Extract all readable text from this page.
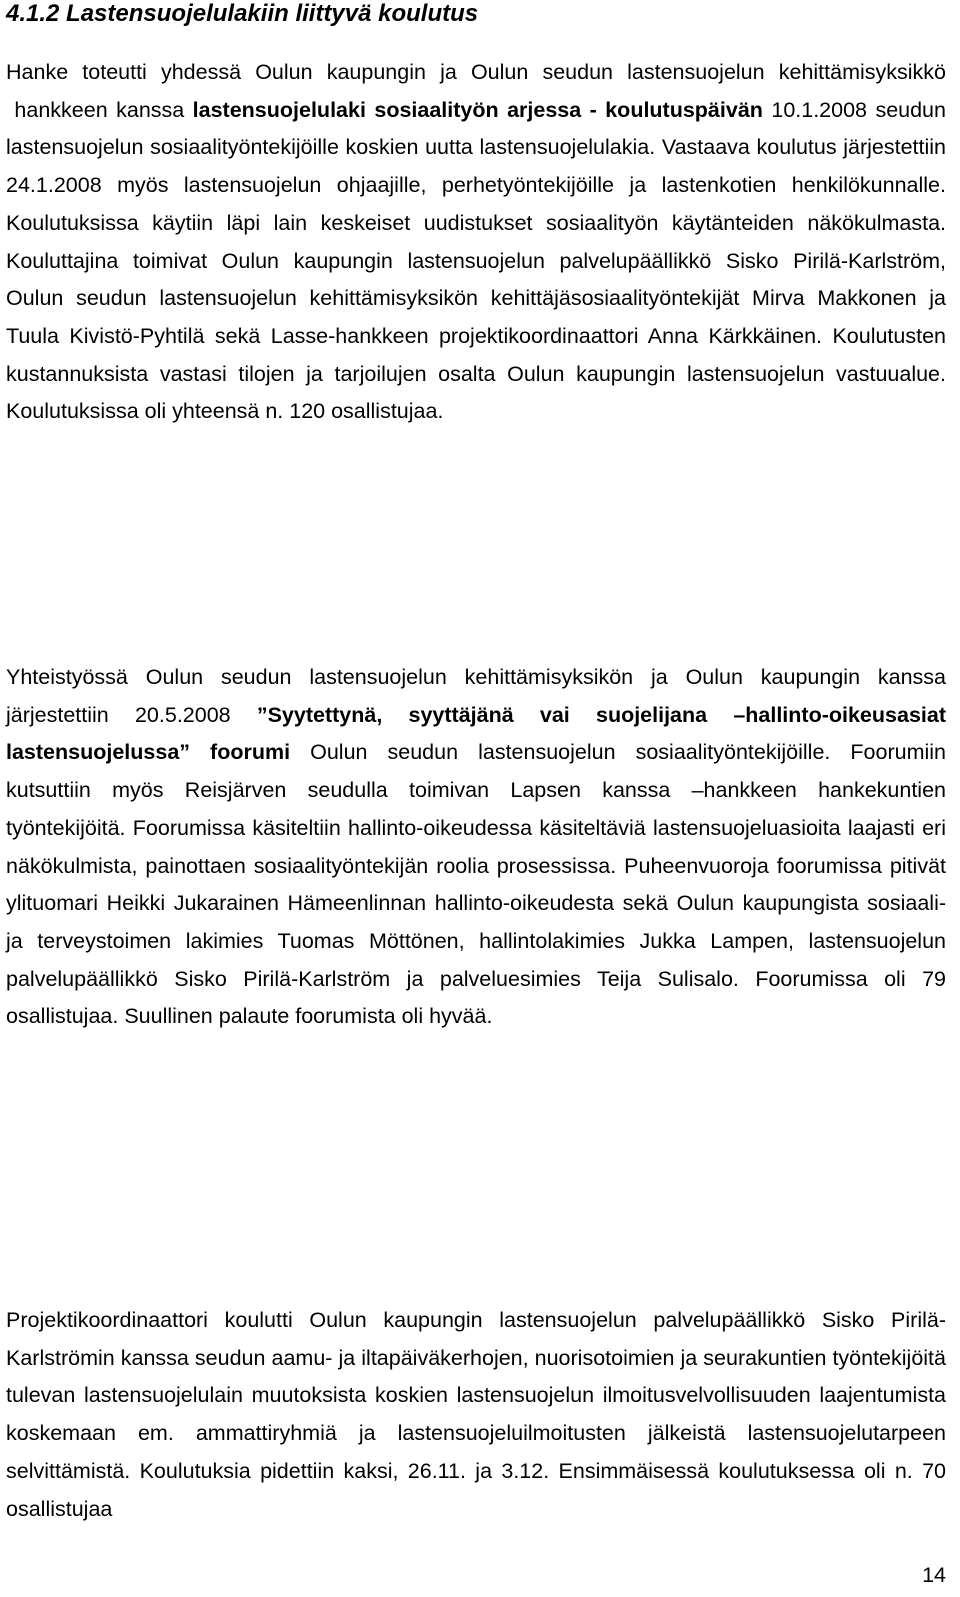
4.1.2 Lastensuojelulakiin liittyvä koulutus

Hanke toteutti yhdessä Oulun kaupungin ja Oulun seudun lastensuojelun kehittämisyksikkö  hankkeen kanssa lastensuojelulaki sosiaalityön arjessa - koulutuspäivän 10.1.2008 seudun lastensuojelun sosiaalityöntekijöille koskien uutta lastensuojelulakia. Vastaava koulutus järjestettiin 24.1.2008 myös lastensuojelun ohjaajille, perhetyöntekijöille ja lastenkotien henkilökunnalle. Koulutuksissa käytiin läpi lain keskeiset uudistukset sosiaalityön käytänteiden näkökulmasta. Kouluttajina toimivat Oulun kaupungin lastensuojelun palvelupäällikkö Sisko Pirilä-Karlström, Oulun seudun lastensuojelun kehittämisyksikön kehittäjäsosiaalityöntekijät Mirva Makkonen ja Tuula Kivistö-Pyhtilä sekä Lasse-hankkeen projektikoordinaattori Anna Kärkkäinen. Koulutusten kustannuksista vastasi tilojen ja tarjoilujen osalta Oulun kaupungin lastensuojelun vastuualue. Koulutuksissa oli yhteensä n. 120 osallistujaa.

Yhteistyössä Oulun seudun lastensuojelun kehittämisyksikön ja Oulun kaupungin kanssa järjestettiin 20.5.2008 ”Syytettynä, syyttäjänä vai suojelijana –hallinto-oikeusasiat lastensuojelussa” foorumi Oulun seudun lastensuojelun sosiaalityöntekijöille. Foorumiin kutsuttiin myös Reisjärven seudulla toimivan Lapsen kanssa –hankkeen hankekuntien työntekijöitä. Foorumissa käsiteltiin hallinto-oikeudessa käsiteltäviä lastensuojeluasioita laajasti eri näkökulmista, painottaen sosiaalityöntekijän roolia prosessissa. Puheenvuoroja foorumissa pitivät ylituomari Heikki Jukarainen Hämeenlinnan hallinto-oikeudesta sekä Oulun kaupungista sosiaali- ja terveystoimen lakimies Tuomas Möttönen, hallintolakimies Jukka Lampen, lastensuojelun palvelupäällikkö Sisko Pirilä-Karlström ja palveluesimies Teija Sulisalo. Foorumissa oli 79 osallistujaa. Suullinen palaute foorumista oli hyvää.

Projektikoordinaattori koulutti Oulun kaupungin lastensuojelun palvelupäällikkö Sisko Pirilä-Karlströmin kanssa seudun aamu- ja iltapäiväkerhojen, nuorisotoimien ja seurakuntien työntekijöitä tulevan lastensuojelulain muutoksista koskien lastensuojelun ilmoitusvelvollisuuden laajentumista koskemaan em. ammattiryhmiä ja lastensuojeluilmoitusten jälkeistä lastensuojelutarpeen selvittämistä. Koulutuksia pidettiin kaksi, 26.11. ja 3.12. Ensimmäisessä koulutuksessa oli n. 70 osallistujaa

14
